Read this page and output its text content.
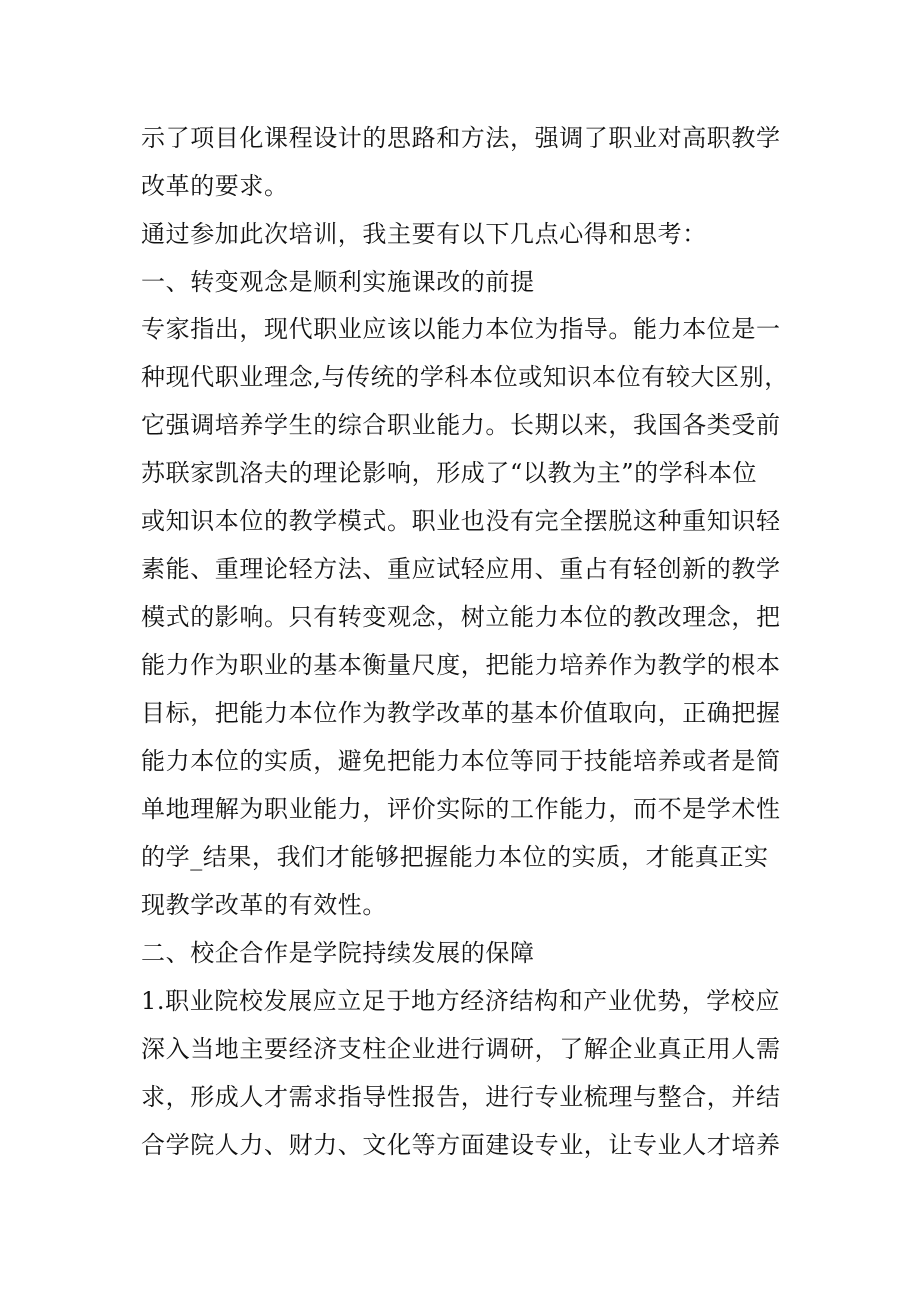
示了项目化课程设计的思路和方法，强调了职业对高职教学
改革的要求。
通过参加此次培训，我主要有以下几点心得和思考：
一、转变观念是顺利实施课改的前提
专家指出，现代职业应该以能力本位为指导。能力本位是一
种现代职业理念,与传统的学科本位或知识本位有较大区别，
它强调培养学生的综合职业能力。长期以来，我国各类受前
苏联家凯洛夫的理论影响，形成了“以教为主”的学科本位
或知识本位的教学模式。职业也没有完全摆脱这种重知识轻
素能、重理论轻方法、重应试轻应用、重占有轻创新的教学
模式的影响。只有转变观念，树立能力本位的教改理念，把
能力作为职业的基本衡量尺度，把能力培养作为教学的根本
目标，把能力本位作为教学改革的基本价值取向，正确把握
能力本位的实质，避免把能力本位等同于技能培养或者是简
单地理解为职业能力，评价实际的工作能力，而不是学术性
的学_结果，我们才能够把握能力本位的实质，才能真正实
现教学改革的有效性。
二、校企合作是学院持续发展的保障
1.职业院校发展应立足于地方经济结构和产业优势，学校应
深入当地主要经济支柱企业进行调研，了解企业真正用人需
求，形成人才需求指导性报告，进行专业梳理与整合，并结
合学院人力、财力、文化等方面建设专业，让专业人才培养
